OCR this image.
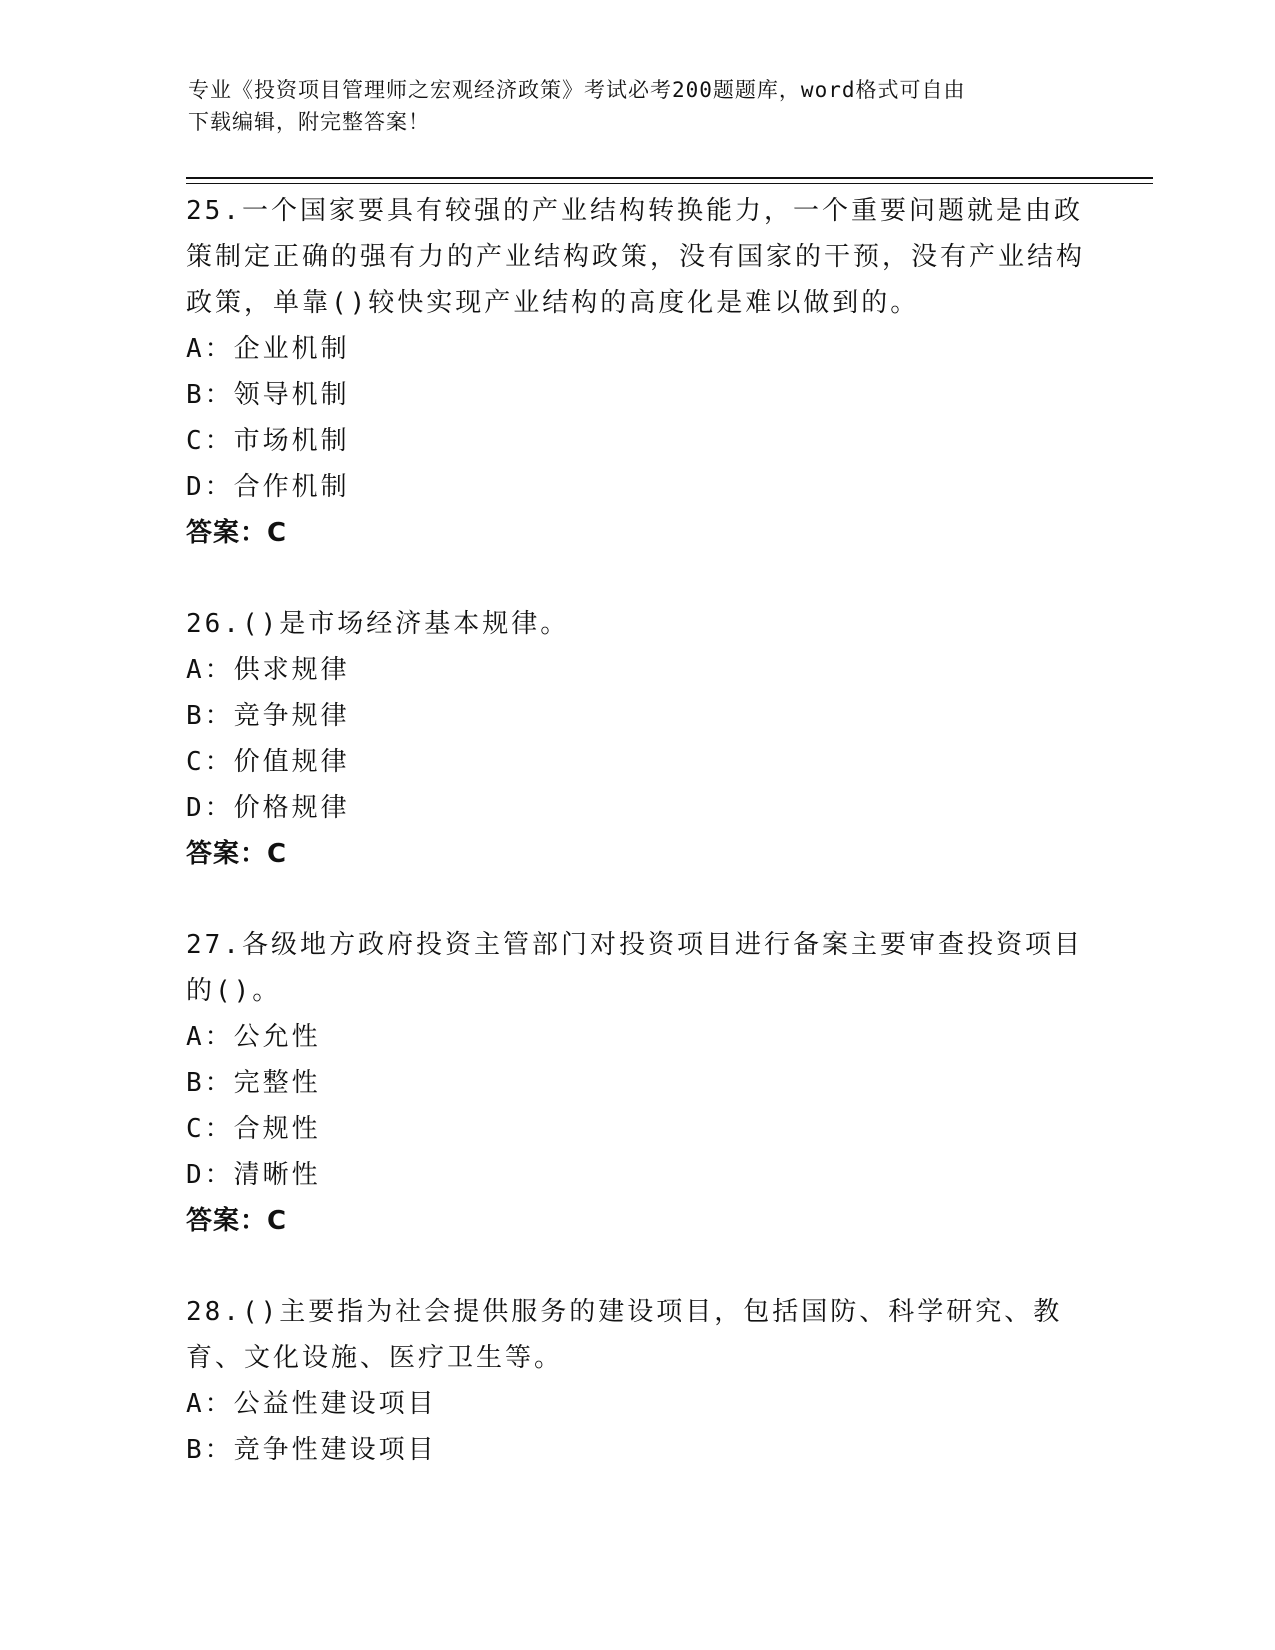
专业《投资项目管理师之宏观经济政策》考试必考200题题库，word格式可自由
下载编辑，附完整答案！

25.一个国家要具有较强的产业结构转换能力，一个重要问题就是由政策制定正确的强有力的产业结构政策，没有国家的干预，没有产业结构政策，单靠()较快实现产业结构的高度化是难以做到的。

A：企业机制
B：领导机制
C：市场机制
D：合作机制
答案：C

26.()是市场经济基本规律。

A：供求规律
B：竞争规律
C：价值规律
D：价格规律
答案：C

27.各级地方政府投资主管部门对投资项目进行备案主要审查投资项目的()。

A：公允性
B：完整性
C：合规性
D：清晰性
答案：C

28.()主要指为社会提供服务的建设项目，包括国防、科学研究、教育、文化设施、医疗卫生等。

A：公益性建设项目
B：竞争性建设项目
